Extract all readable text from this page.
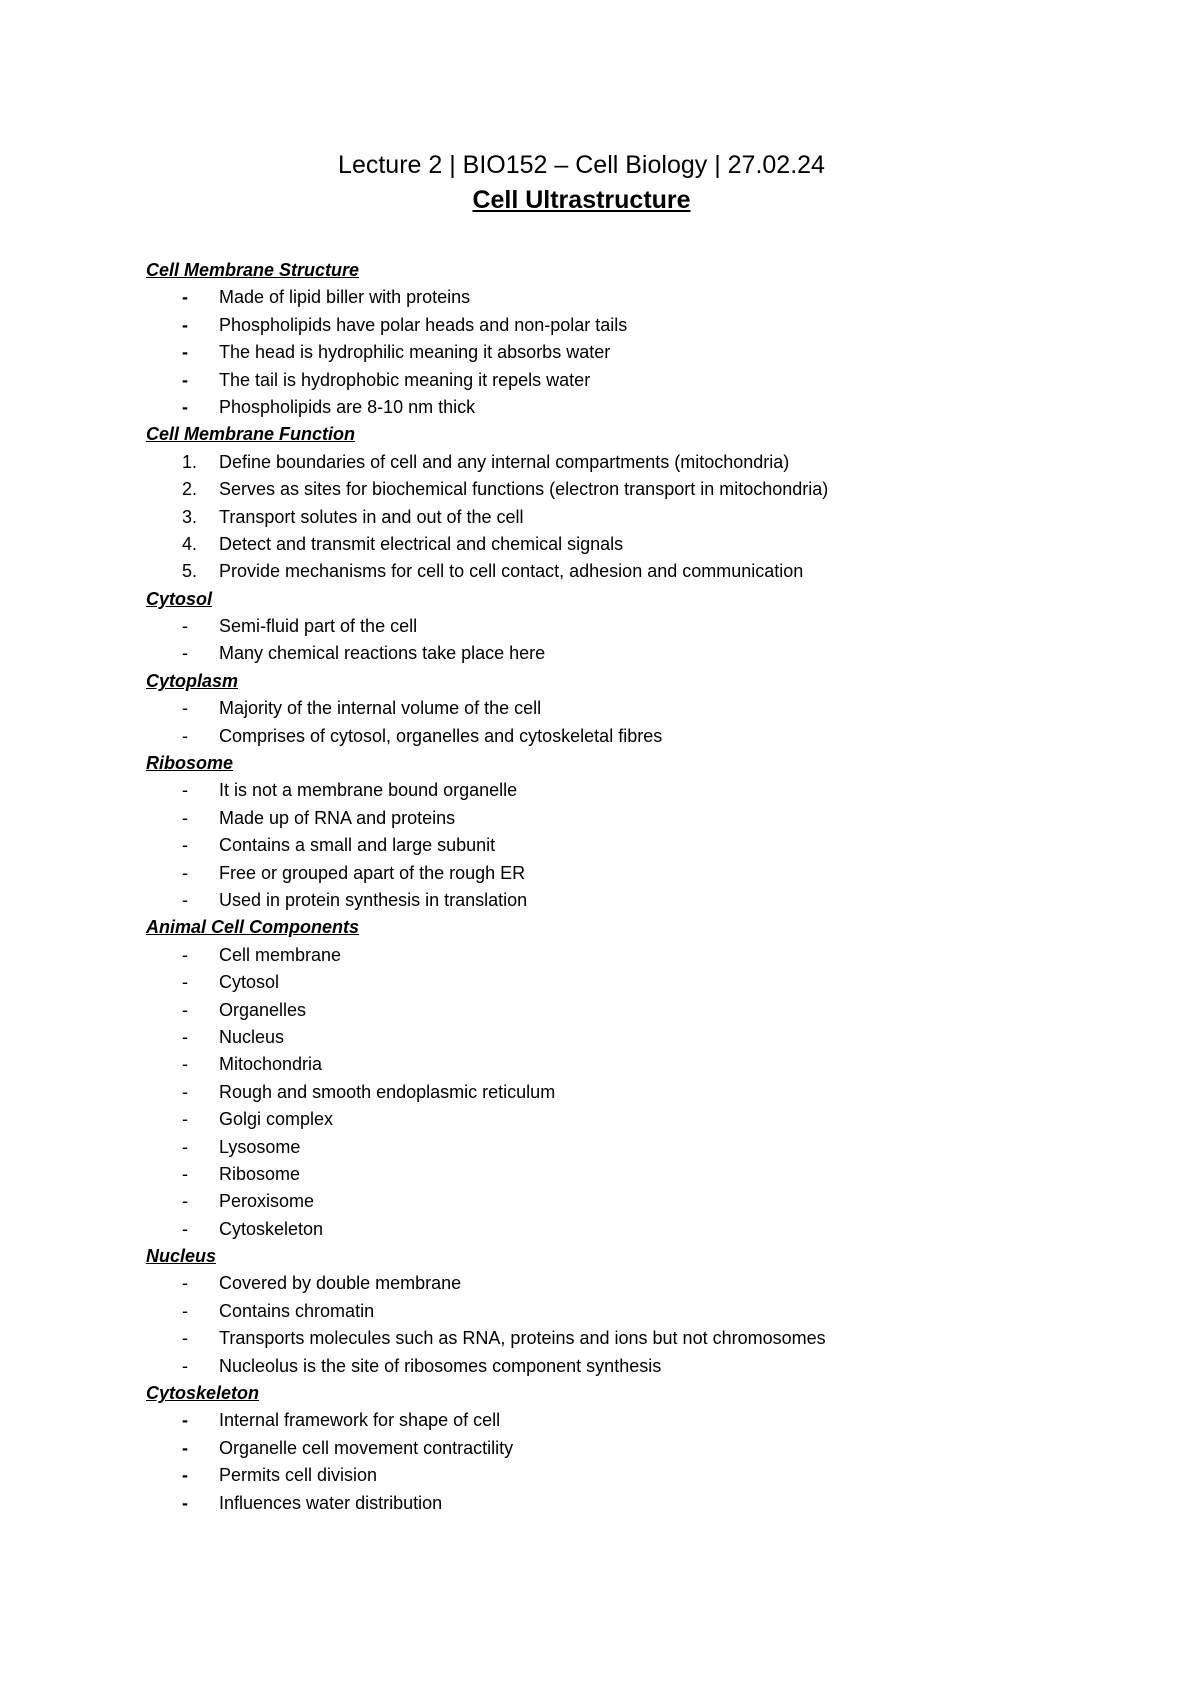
Lecture 2 | BIO152 – Cell Biology | 27.02.24
Cell Ultrastructure
Cell Membrane Structure
- Made of lipid biller with proteins
- Phospholipids have polar heads and non-polar tails
- The head is hydrophilic meaning it absorbs water
- The tail is hydrophobic meaning it repels water
- Phospholipids are 8-10 nm thick
Cell Membrane Function
1. Define boundaries of cell and any internal compartments (mitochondria)
2. Serves as sites for biochemical functions (electron transport in mitochondria)
3. Transport solutes in and out of the cell
4. Detect and transmit electrical and chemical signals
5. Provide mechanisms for cell to cell contact, adhesion and communication
Cytosol
- Semi-fluid part of the cell
- Many chemical reactions take place here
Cytoplasm
- Majority of the internal volume of the cell
- Comprises of cytosol, organelles and cytoskeletal fibres
Ribosome
- It is not a membrane bound organelle
- Made up of RNA and proteins
- Contains a small and large subunit
- Free or grouped apart of the rough ER
- Used in protein synthesis in translation
Animal Cell Components
- Cell membrane
- Cytosol
- Organelles
- Nucleus
- Mitochondria
- Rough and smooth endoplasmic reticulum
- Golgi complex
- Lysosome
- Ribosome
- Peroxisome
- Cytoskeleton
Nucleus
- Covered by double membrane
- Contains chromatin
- Transports molecules such as RNA, proteins and ions but not chromosomes
- Nucleolus is the site of ribosomes component synthesis
Cytoskeleton
- Internal framework for shape of cell
- Organelle cell movement contractility
- Permits cell division
- Influences water distribution
